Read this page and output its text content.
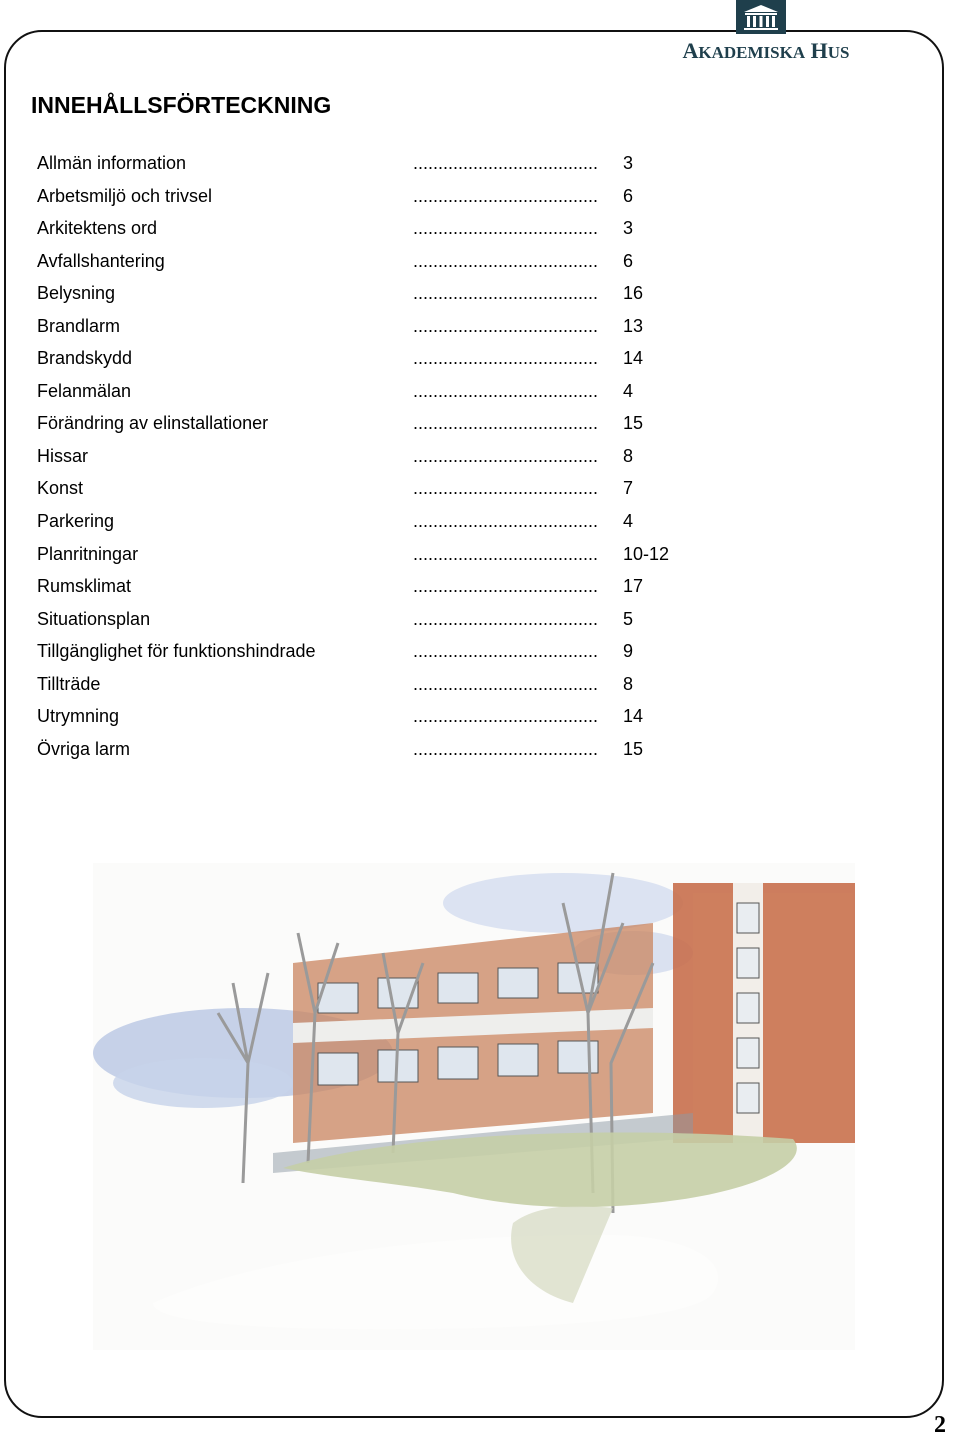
AKADEMISKA HUS
INNEHÅLLSFÖRTECKNING
Allmän information	..................................... 3
Arbetsmiljö och trivsel	..................................... 6
Arkitektens ord	..................................... 3
Avfallshantering	..................................... 6
Belysning	..................................... 16
Brandlarm	..................................... 13
Brandskydd	..................................... 14
Felanmälan	..................................... 4
Förändring av elinstallationer	..................................... 15
Hissar	..................................... 8
Konst	..................................... 7
Parkering	..................................... 4
Planritningar	..................................... 10-12
Rumsklimat	..................................... 17
Situationsplan	..................................... 5
Tillgänglighet för funktionshindrade	..................................... 9
Tillträde	..................................... 8
Utrymning	..................................... 14
Övriga larm	..................................... 15
2
